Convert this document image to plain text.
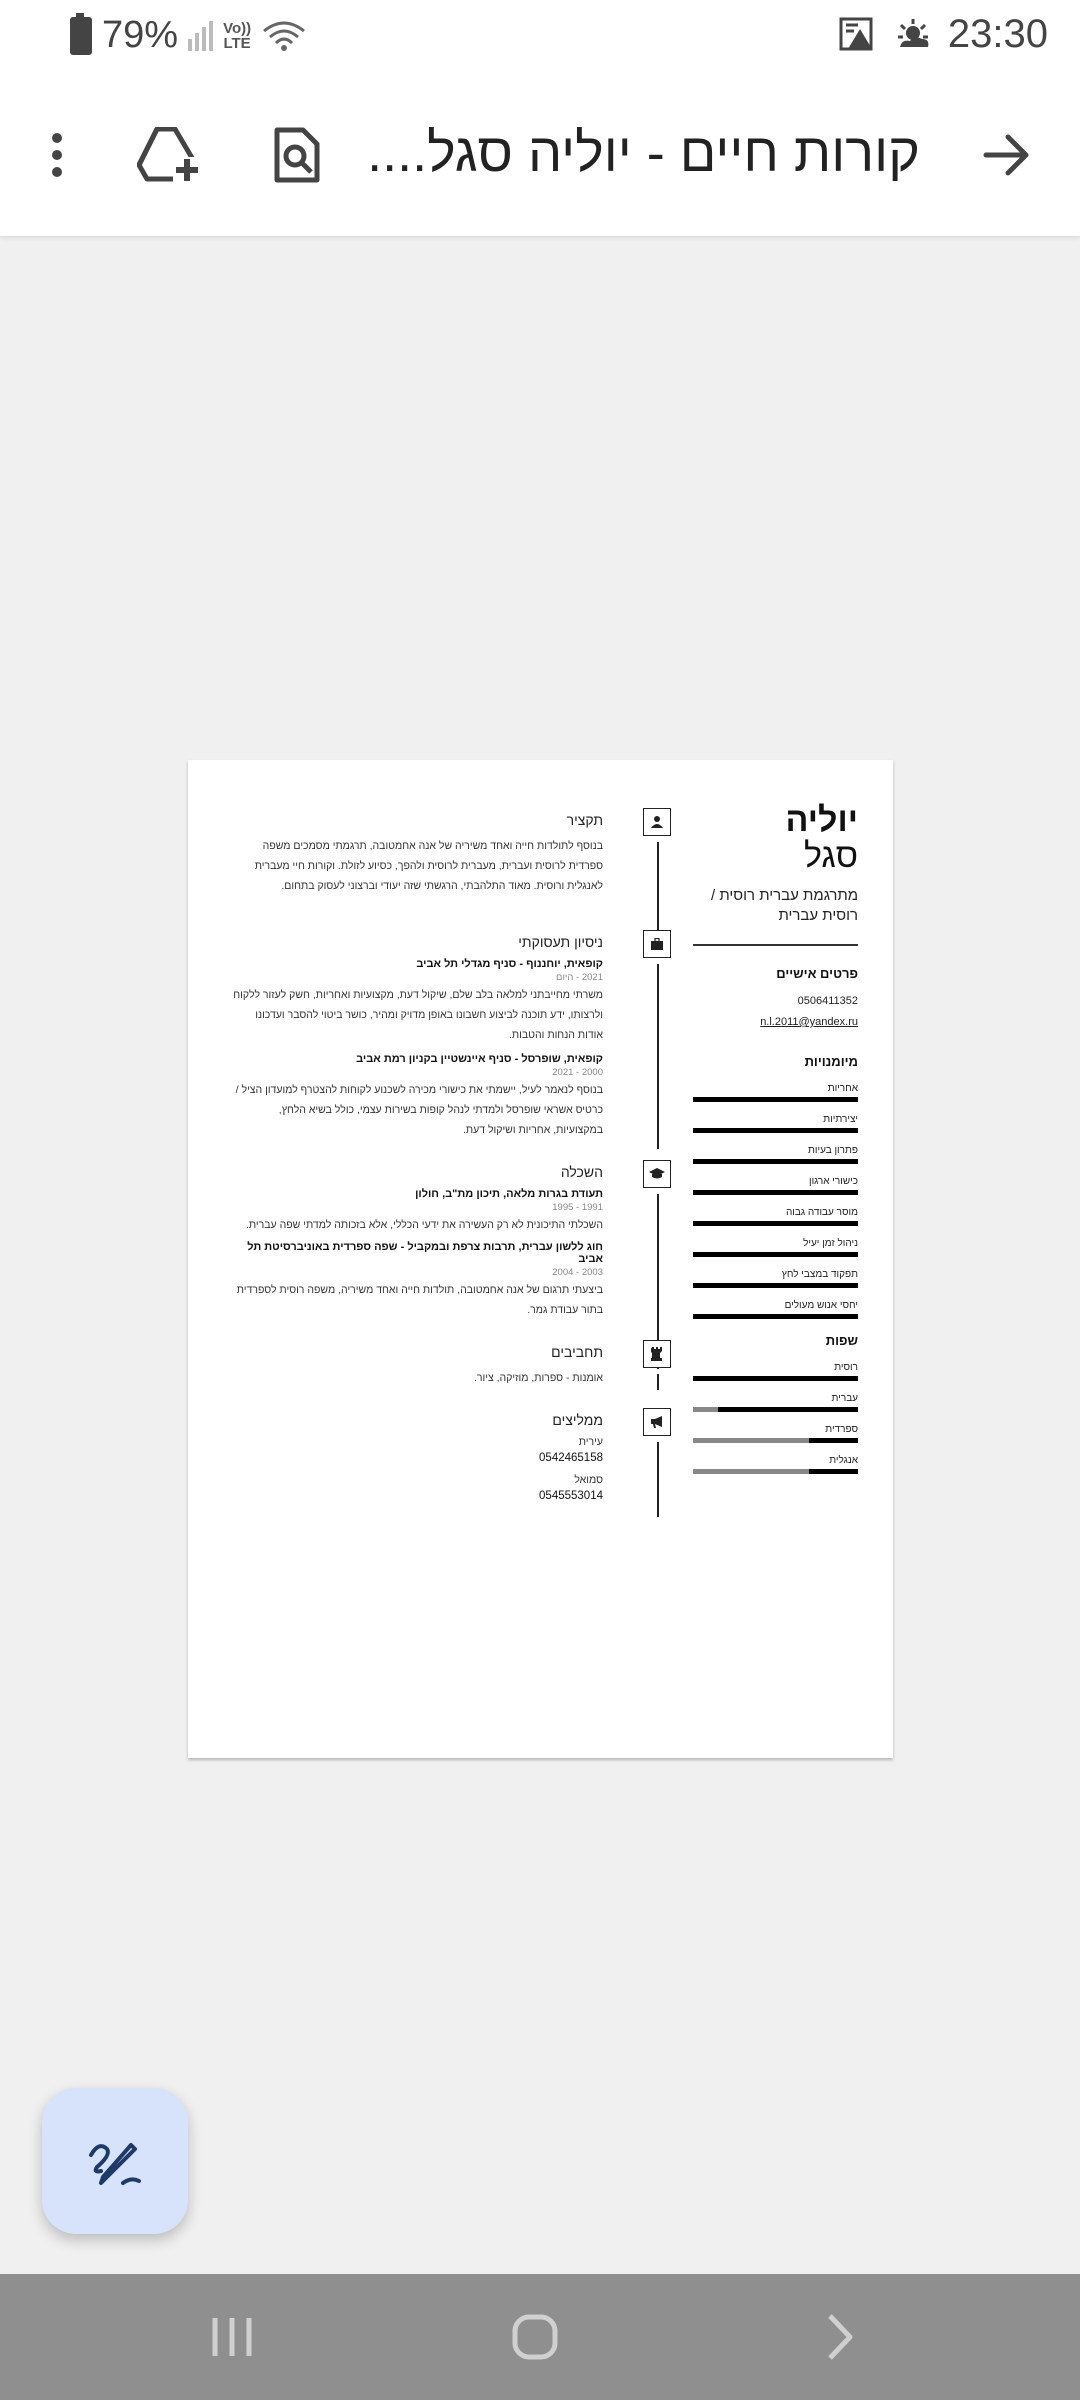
79%	Vo))
LTE	23:30
קורות חיים - יוליה סגל....
יוליה
סגל
מתרגמת עברית רוסית /
רוסית עברית
פרטים אישיים
0506411352
n.l.2011@yandex.ru
מיומנויות
אחריות
יצירתיות
פתרון בעיות
כישורי ארגון
מוסר עבודה גבוה
ניהול זמן יעיל
תפקוד במצבי לחץ
יחסי אנוש מעולים
שפות
רוסית
עברית
ספרדית
אנגלית
תקציר
בנוסף לתולדות חייה ואחד משיריה של אנה אחמטובה, תרגמתי מסמכים משפה ספרדית לרוסית ועברית, מעברית לרוסית ולהפך, כסיוע לזולת. וקורות חיי מעברית לאנגלית ורוסית. מאוד התלהבתי, הרגשתי שזה יעודי וברצוני לעסוק בתחום.
ניסיון תעסוקתי
קופאית, יוחננוף - סניף מגדלי תל אביב
2021 - היום
משרתי מחייבתני למלאה בלב שלם, שיקול דעת, מקצועיות ואחריות, חשק לעזור ללקוח ולרצותו, ידע תוכנה לביצוע חשבונו באופן מדויק ומהיר, כושר ביטוי להסבר ועדכונו אודות הנחות והטבות.
קופאית, שופרסל - סניף איינשטיין בקניון רמת אביב
2000 - 2021
בנוסף לנאמר לעיל, יישמתי את כישורי מכירה לשכנוע לקוחות להצטרף למועדון הציל / כרטיס אשראי שופרסל ולמדתי לנהל קופות בשירות עצמי, כולל בשיא הלחץ, במקצועיות, אחריות ושיקול דעת.
השכלה
תעודת בגרות מלאה, תיכון מת"ב, חולון
1991 - 1995
השכלתי התיכונית לא רק העשירה את ידעי הכללי, אלא בזכותה למדתי שפה עברית.
חוג ללשון עברית, תרבות צרפת ובמקביל - שפה ספרדית באוניברסיטת תל אביב
2003 - 2004
ביצעתי תרגום של אנה אחמטובה, תולדות חייה ואחד משיריה, משפה רוסית לספרדית בתור עבודת גמר.
תחביבים
אומנות - ספרות, מוזיקה, ציור.
ממליצים
עירית
0542465158
סמואל
0545553014
